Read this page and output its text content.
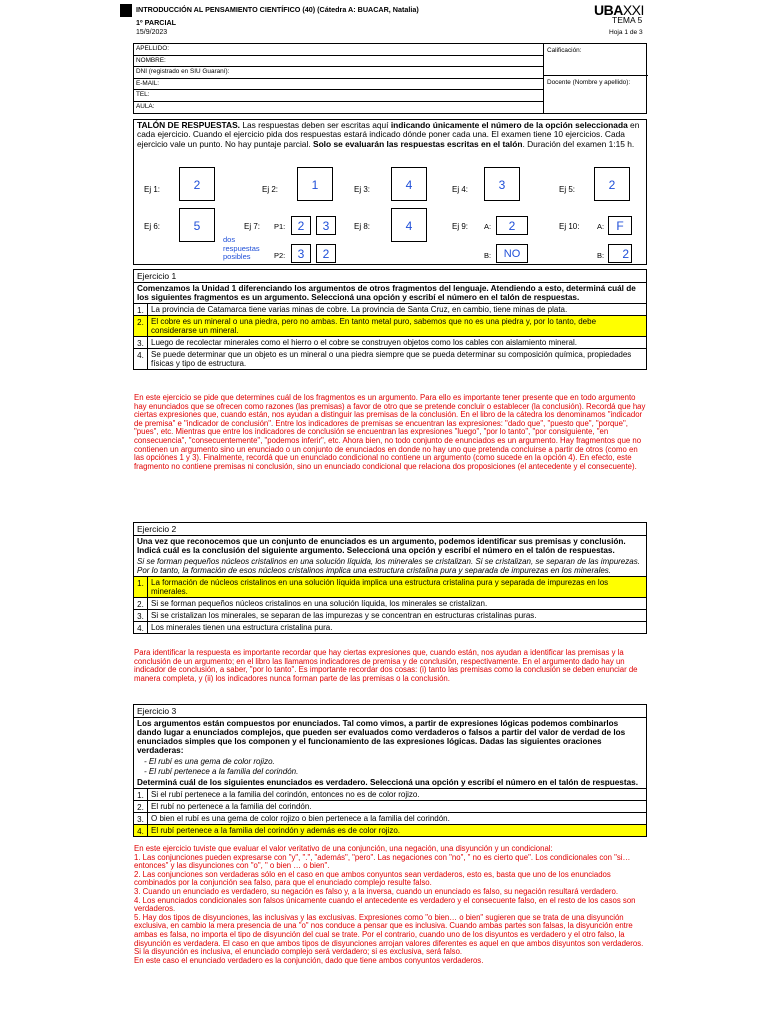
INTRODUCCIÓN AL PENSAMIENTO CIENTÍFICO (40) (Cátedra A: BUACAR, Natalia)
1º PARCIAL
15/9/2023
UBAXXI
TEMA 5
Hoja 1 de 3
APELLIDO:
NOMBRE:
DNI (registrado en SIU Guaraní):
E-MAIL:
TEL:
AULA:
Calificación:
Docente (Nombre y apellido):
TALÓN DE RESPUESTAS. Las respuestas deben ser escritas aquí indicando únicamente el número de la opción seleccionada en cada ejercicio. Cuando el ejercicio pida dos respuestas estará indicado dónde poner cada una. El examen tiene 10 ejercicios. Cada ejercicio vale un punto. No hay puntaje parcial. Solo se evaluarán las respuestas escritas en el talón. Duración del examen 1:15 h.
Ej 1:	2	Ej 2:	1	Ej 3:	4	Ej 4:	3	Ej 5:	2
Ej 6:	5	Ej 7: P1:	2	3
P2:	3	2
dos respuestas posibles
Ej 8:	4	Ej 9: A:	2
B:	NO
Ej 10: A:	F
B:	2
Ejercicio 1
Comenzamos la Unidad 1 diferenciando los argumentos de otros fragmentos del lenguaje. Atendiendo a esto, determiná cuál de los siguientes fragmentos es un argumento. Seleccioná una opción y escribí el número en el talón de respuestas.
1. La provincia de Catamarca tiene varias minas de cobre. La provincia de Santa Cruz, en cambio, tiene minas de plata.
2. El cobre es un mineral o una piedra, pero no ambas. En tanto metal puro, sabemos que no es una piedra y, por lo tanto, debe considerarse un mineral.
3. Luego de recolectar minerales como el hierro o el cobre se construyen objetos como los cables con aislamiento mineral.
4. Se puede determinar que un objeto es un mineral o una piedra siempre que se pueda determinar su composición química, propiedades físicas y tipo de estructura.
En este ejercicio se pide que determines cuál de los fragmentos es un argumento. Para ello es importante tener presente que en todo argumento hay enunciados que se ofrecen como razones (las premisas) a favor de otro que se pretende concluir o establecer (la conclusión). Recordá que hay ciertas expresiones que, cuando están, nos ayudan a distinguir las premisas de la conclusión. En el libro de la cátedra los denominamos "indicador de premisa" e "indicador de conclusión". Entre los indicadores de premisas se encuentran las expresiones: "dado que", "puesto que", "porque", "pues", etc. Mientras que entre los indicadores de conclusión se encuentran las expresiones "luego", "por lo tanto", "por consiguiente, "en consecuencia", "consecuentemente", "podemos inferir", etc. Ahora bien, no todo conjunto de enunciados es un argumento. Hay fragmentos que no contienen un argumento sino un enunciado o un conjunto de enunciados en donde no hay uno que pretenda concluirse a partir de otros (como en las opciónes 1 y 3). Finalmente, recordá que un enunciado condicional no contiene un argumento (como sucede en la opción 4). En efecto, este fragmento no contiene premisas ni conclusión, sino un enunciado condicional que relaciona dos proposiciones (el antecedente y el consecuente).
Ejercicio 2
Una vez que reconocemos que un conjunto de enunciados es un argumento, podemos identificar sus premisas y conclusión. Indicá cuál es la conclusión del siguiente argumento. Seleccioná una opción y escribí el número en el talón de respuestas.
Si se forman pequeños núcleos cristalinos en una solución líquida, los minerales se cristalizan. Si se cristalizan, se separan de las impurezas. Por lo tanto, la formación de esos núcleos cristalinos implica una estructura cristalina pura y separada de impurezas en los minerales.
1. La formación de núcleos cristalinos en una solución líquida implica una estructura cristalina pura y separada de impurezas en los minerales.
2. Si se forman pequeños núcleos cristalinos en una solución líquida, los minerales se cristalizan.
3. Si se cristalizan los minerales, se separan de las impurezas y se concentran en estructuras cristalinas puras.
4. Los minerales tienen una estructura cristalina pura.
Para identificar la respuesta es importante recordar que hay ciertas expresiones que, cuando están, nos ayudan a identificar las premisas y la conclusión de un argumento; en el libro las llamamos indicadores de premisa y de conclusión, respectivamente. En el argumento dado hay un indicador de conclusión, a saber, "por lo tanto". Es importante recordar dos cosas: (i) tanto las premisas como la conclusión se deben enunciar de manera completa, y (ii) los indicadores nunca forman parte de las premisas o la conclusión.
Ejercicio 3
Los argumentos están compuestos por enunciados. Tal como vimos, a partir de expresiones lógicas podemos combinarlos dando lugar a enunciados complejos, que pueden ser evaluados como verdaderos o falsos a partir del valor de verdad de los enunciados simples que los componen y el funcionamiento de las expresiones lógicas. Dadas las siguientes oraciones verdaderas:
- El rubí es una gema de color rojizo.
- El rubí pertenece a la familia del corindón.
Determiná cuál de los siguientes enunciados es verdadero. Seleccioná una opción y escribí el número en el talón de respuestas.
1. Si el rubí pertenece a la familia del corindón, entonces no es de color rojizo.
2. El rubí no pertenece a la familia del corindón.
3. O bien el rubí es una gema de color rojizo o bien pertenece a la familia del corindón.
4. El rubí pertenece a la familia del corindón y además es de color rojizo.
En este ejercicio tuviste que evaluar el valor veritativo de una conjunción, una negación, una disyunción y un condicional:
1. Las conjunciones pueden expresarse con "y", ".", "además", "pero". Las negaciones con "no", " no es cierto que". Los condicionales con "si… entonces" y las disyunciones con "o", " o bien … o bien".
2. Las conjunciones son verdaderas sólo en el caso en que ambos conyuntos sean verdaderos, esto es, basta que uno de los enunciados combinados por la conjunción sea falso, para que el enunciado complejo resulte falso.
3. Cuando un enunciado es verdadero, su negación es falso y, a la inversa, cuando un enunciado es falso, su negación resultará verdadero.
4. Los enunciados condicionales son falsos únicamente cuando el antecedente es verdadero y el consecuente falso, en el resto de los casos son verdaderos.
5. Hay dos tipos de disyunciones, las inclusivas y las exclusivas. Expresiones como "o bien… o bien" sugieren que se trata de una disyunción exclusiva, en cambio la mera presencia de una "o" nos conduce a pensar que es inclusiva. Cuando ambas partes son falsas, la disyunción entre ambas es falsa, no importa el tipo de disyunción del cual se trate. Por el contrario, cuando uno de los disyuntos es verdadero y el otro falso, la disyunción es verdadera. El caso en que ambos tipos de disyunciones arrojan valores diferentes es aquel en que ambos disyuntos son verdaderos. Si la disyunción es inclusiva, el enunciado complejo será verdadero; si es exclusiva, será falso.
En este caso el enunciado verdadero es la conjunción, dado que tiene ambos conyuntos verdaderos.
